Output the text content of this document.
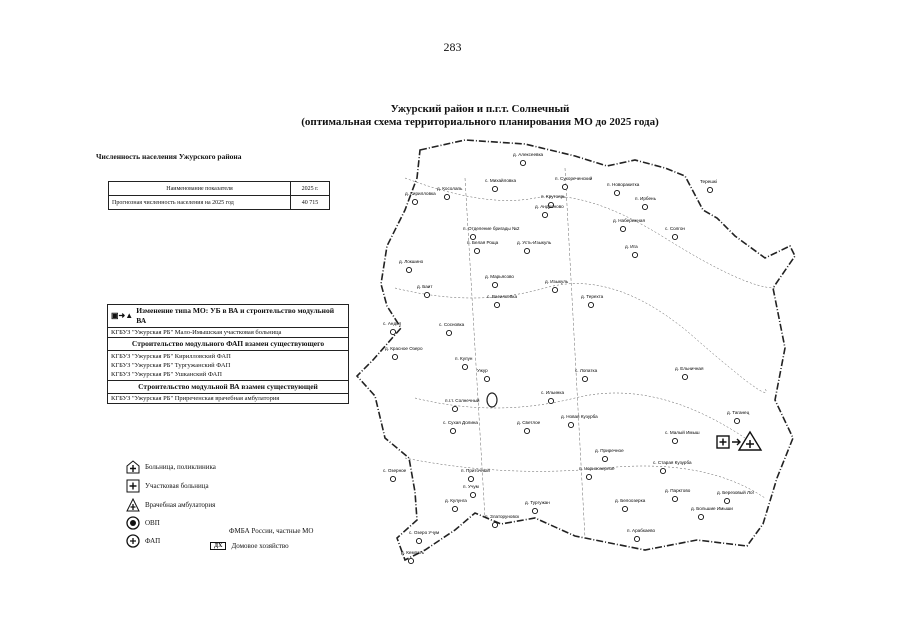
283
Ужурский район и п.г.т. Солнечный
(оптимальная схема территориального планирования МО до 2025 года)
Численность населения Ужурского района
Наименование показателя	2025 г.
Прогнозная численность населения на 2025 год	40 715
▣➜▲
Изменение типа МО: УБ в ВА и строительство модульной ВА
КГБУЗ "Ужурская РБ" Мало-Имышская участковая больница
Строительство модульного ФАП взамен существующего
КГБУЗ "Ужурская РБ" Кирилловский ФАП
КГБУЗ "Ужурская РБ" Тургужанский ФАП
КГБУЗ "Ужурская РБ" Ушканский ФАП
Строительство модульной ВА взамен существующей
КГБУЗ "Ужурская РБ" Приреченская врачебная амбулатория
Больница, поликлиника
Участковая больница
Врачебная амбулатория
ОВП
ФАП
ФМБА России, частные МО
ДХ	Домовое хозяйство
д. Алексеевка
с. Михайловка	п. Сухореченский
п. Новоракитка
Терешкі
д. Кирилловка
д. Косолапь
п. Крутоярь
д. Андроново
п. Ирбень
д. Набережная
с. Солгон
п. Отделение бригады №2
п. Белая Роща	д. Усть-Изыкуль
д. Ига
д. Локшино
д. Марьясово
д. Изыкуль
д. Баит
с. Васильевка	д. Терехта
с. Андол	с. Сосновка
д. Красное Озеро
п. Кулун
Ужур
п.г.т. Солнечный
с. Лопатка
с. Ильинка
д. Ельничная
д. Новая Кузурба
с. Сухая Долина	д. Светлое
с. Малый Имыш
д. Таганец
д. Приречное
с. Старая Кузурба
с. Озерное	п. Приточный	п. Черноозерное
д. Кулунга	д. Тургужан	д. Белоозерка
д. Парктово	д. Березовый Лог
п. Златоруновск
д. Большие Имыши
с. Озеро Учум	п. Арабкаево
д. Кемпать
п. Учум
